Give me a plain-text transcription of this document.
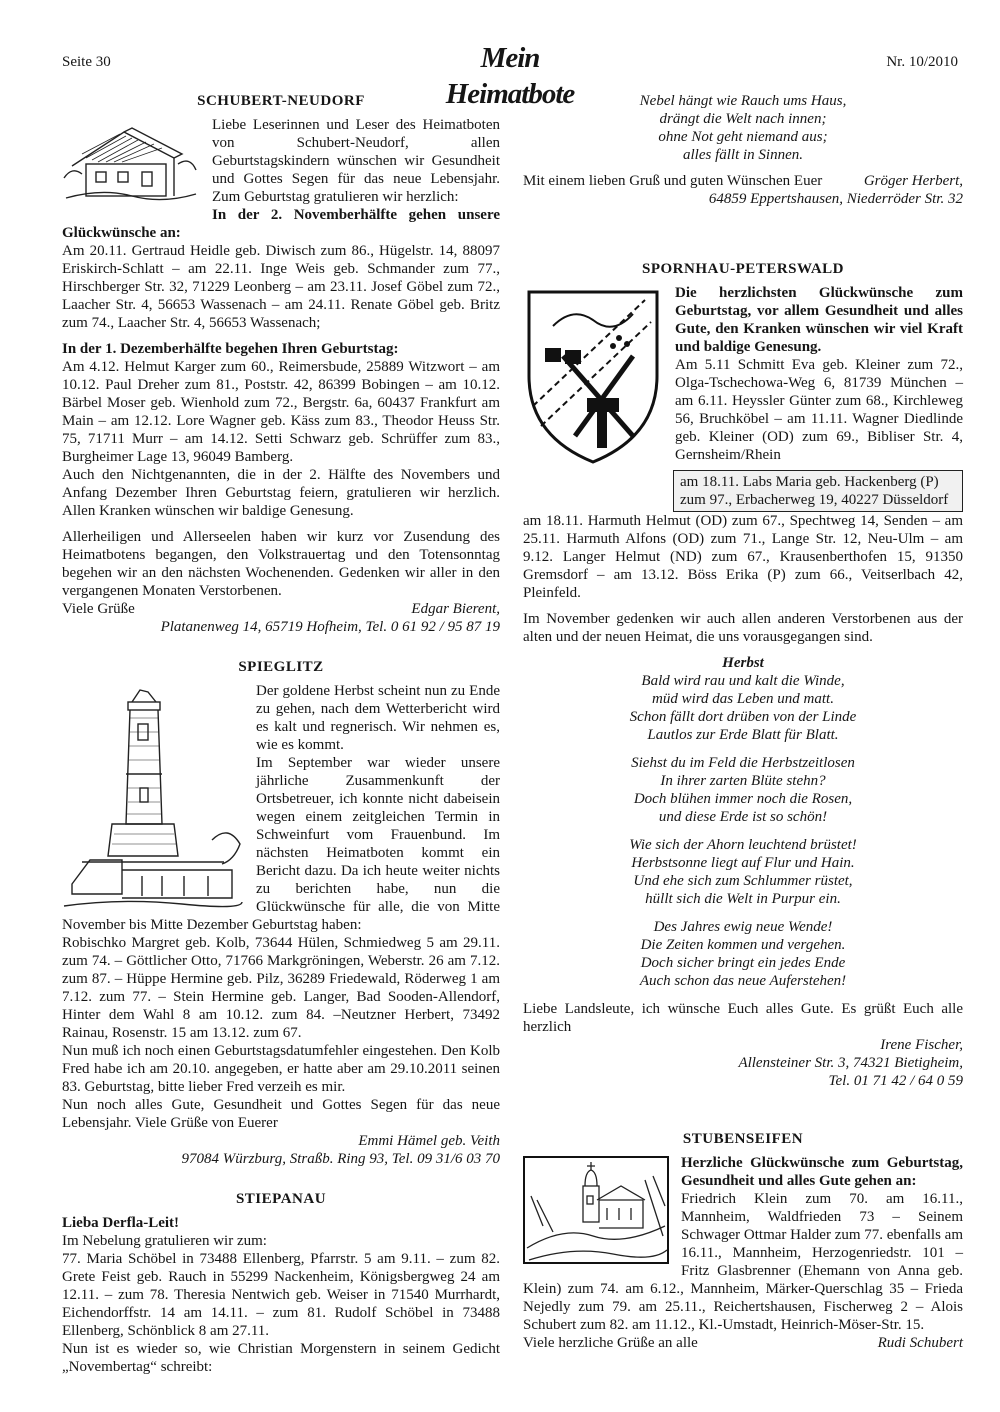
Seite 30	Mein Heimatbote
Nr. 10/2010
SCHUBERT-NEUDORF

Liebe Leserinnen und Leser des Heimatboten von Schubert-Neudorf, allen Geburtstagskindern wünschen wir Gesundheit und Gottes Segen für das neue Lebensjahr. Zum Geburtstag gratulieren wir herzlich:

In der 2. Novemberhälfte gehen unsere Glückwünsche an:

Am 20.11. Gertraud Heidle geb. Diwisch zum 86., Hügelstr. 14, 88097 Eriskirch-Schlatt – am 22.11. Inge Weis geb. Schmander zum 77., Hirschberger Str. 32, 71229 Leonberg – am 23.11. Josef Göbel zum 72., Laacher Str. 4, 56653 Wassenach – am 24.11. Renate Göbel geb. Britz zum 74., Laacher Str. 4, 56653 Wassenach;

In der 1. Dezemberhälfte begehen Ihren Geburtstag:

Am 4.12. Helmut Karger zum 60., Reimersbude, 25889 Witzwort – am 10.12. Paul Dreher zum 81., Poststr. 42, 86399 Bobingen – am 10.12. Bärbel Moser geb. Wienhold zum 72., Bergstr. 6a, 60437 Frankfurt am Main – am 12.12. Lore Wagner geb. Käss zum 83., Theodor Heuss Str. 75, 71711 Murr – am 14.12. Setti Schwarz geb. Schrüffer zum 83., Burgheimer Lage 13, 96049 Bamberg.

Auch den Nichtgenannten, die in der 2. Hälfte des Novembers und Anfang Dezember Ihren Geburtstag feiern, gratulieren wir herzlich. Allen Kranken wünschen wir baldige Genesung.

Allerheiligen und Allerseelen haben wir kurz vor Zusendung des Heimatbotens begangen, den Volkstrauertag und den Totensonntag begehen wir an den nächsten Wochenenden. Gedenken wir aller in den vergangenen Monaten Verstorbenen.

Viele Grüße	Edgar Bierent,
Platanenweg 14, 65719 Hofheim, Tel. 0 61 92 / 95 87 19
SPIEGLITZ

Der goldene Herbst scheint nun zu Ende zu gehen, nach dem Wetterbericht wird es kalt und regnerisch. Wir nehmen es, wie es kommt.

Im September war wieder unsere jährliche Zusammenkunft der Ortsbetreuer, ich konnte nicht dabeisein wegen einem zeitgleichen Termin in Schweinfurt vom Frauenbund. Im nächsten Heimatboten kommt ein Bericht dazu. Da ich heute weiter nichts zu berichten habe, nun die Glückwünsche für alle, die von Mitte November bis Mitte Dezember Geburtstag haben:

Robischko Margret geb. Kolb, 73644 Hülen, Schmiedweg 5 am 29.11. zum 74. – Göttlicher Otto, 71766 Markgröningen, Weberstr. 26 am 7.12. zum 87. – Hüppe Hermine geb. Pilz, 36289 Friedewald, Röderweg 1 am 7.12. zum 77. – Stein Hermine geb. Langer, Bad Sooden-Allendorf, Hinter dem Wahl 8 am 10.12. zum 84. –Neutzner Herbert, 73492 Rainau, Rosenstr. 15 am 13.12. zum 67.

Nun muß ich noch einen Geburtstagsdatumfehler eingestehen. Den Kolb Fred habe ich am 20.10. angegeben, er hatte aber am 29.10.2011 seinen 83. Geburtstag, bitte lieber Fred verzeih es mir.

Nun noch alles Gute, Gesundheit und Gottes Segen für das neue Lebensjahr. Viele Grüße von Euerer

Emmi Hämel geb. Veith
97084 Würzburg, Straßb. Ring 93, Tel. 09 31/6 03 70
STIEPANAU

Lieba Derfla-Leit!

Im Nebelung gratulieren wir zum:

77. Maria Schöbel in 73488 Ellenberg, Pfarrstr. 5 am 9.11. – zum 82. Grete Feist geb. Rauch in 55299 Nackenheim, Königsbergweg 24 am 12.11. – zum 78. Theresia Nentwich geb. Weiser in 71540 Murrhardt, Eichendorffstr. 14 am 14.11. – zum 81. Rudolf Schöbel in 73488 Ellenberg, Schönblick 8 am 27.11.

Nun ist es wieder so, wie Christian Morgenstern in seinem Gedicht „Novembertag“ schreibt:

Nebel hängt wie Rauch ums Haus,
drängt die Welt nach innen;
ohne Not geht niemand aus;
alles fällt in Sinnen.
Mit einem lieben Gruß und guten Wünschen Euer	Gröger Herbert,
64859 Eppertshausen, Niederröder Str. 32
SPORNHAU-PETERSWALD

Die herzlichsten Glückwünsche zum Geburtstag, vor allem Gesundheit und alles Gute, den Kranken wünschen wir viel Kraft und baldige Genesung.

Am 5.11 Schmitt Eva geb. Kleiner zum 72., Olga-Tschechowa-Weg 6, 81739 München – am 6.11. Heyssler Günter zum 68., Kirchleweg 56, Bruchköbel – am 11.11. Wagner Diedlinde geb. Kleiner (OD) zum 69., Bibliser Str. 4, Gernsheim/Rhein

am 18.11. Labs Maria geb. Hackenberg (P) zum 97., Erbacherweg 19, 40227 Düsseldorf

am 18.11. Harmuth Helmut (OD) zum 67., Spechtweg 14, Senden – am 25.11. Harmuth Alfons (OD) zum 71., Lange Str. 12, Neu-Ulm – am 9.12. Langer Helmut (ND) zum 67., Krausenberthofen 15, 91350 Gremsdorf – am 13.12. Böss Erika (P) zum 66., Veitserlbach 42, Pleinfeld.

Im November gedenken wir auch allen anderen Verstorbenen aus der alten und der neuen Heimat, die uns vorausgegangen sind.

Herbst
Bald wird rau und kalt die Winde,
müd wird das Leben und matt.
Schon fällt dort drüben von der Linde
Lautlos zur Erde Blatt für Blatt.
Siehst du im Feld die Herbstzeitlosen
In ihrer zarten Blüte stehn?
Doch blühen immer noch die Rosen,
und diese Erde ist so schön!
Wie sich der Ahorn leuchtend brüstet!
Herbstsonne liegt auf Flur und Hain.
Und ehe sich zum Schlummer rüstet,
hüllt sich die Welt in Purpur ein.
Des Jahres ewig neue Wende!
Die Zeiten kommen und vergehen.
Doch sicher bringt ein jedes Ende
Auch schon das neue Auferstehen!

Liebe Landsleute, ich wünsche Euch alles Gute. Es grüßt Euch alle herzlich

Irene Fischer,
Allensteiner Str. 3, 74321 Bietigheim,
Tel. 01 71 42 / 64 0 59
STUBENSEIFEN

Herzliche Glückwünsche zum Geburtstag, Gesundheit und alles Gute gehen an:

Friedrich Klein zum 70. am 16.11., Mannheim, Waldfrieden 73 – Seinem Schwager Ottmar Halder zum 77. ebenfalls am 16.11., Mannheim, Herzogenriedstr. 101 – Fritz Glasbrenner (Ehemann von Anna geb. Klein) zum 74. am 6.12., Mannheim, Märker-Querschlag 35 – Frieda Nejedly zum 79. am 25.11., Reichertshausen, Fischerweg 2 – Alois Schubert zum 82. am 11.12., Kl.-Umstadt, Heinrich-Möser-Str. 15.

Viele herzliche Grüße an alle	Rudi Schubert
